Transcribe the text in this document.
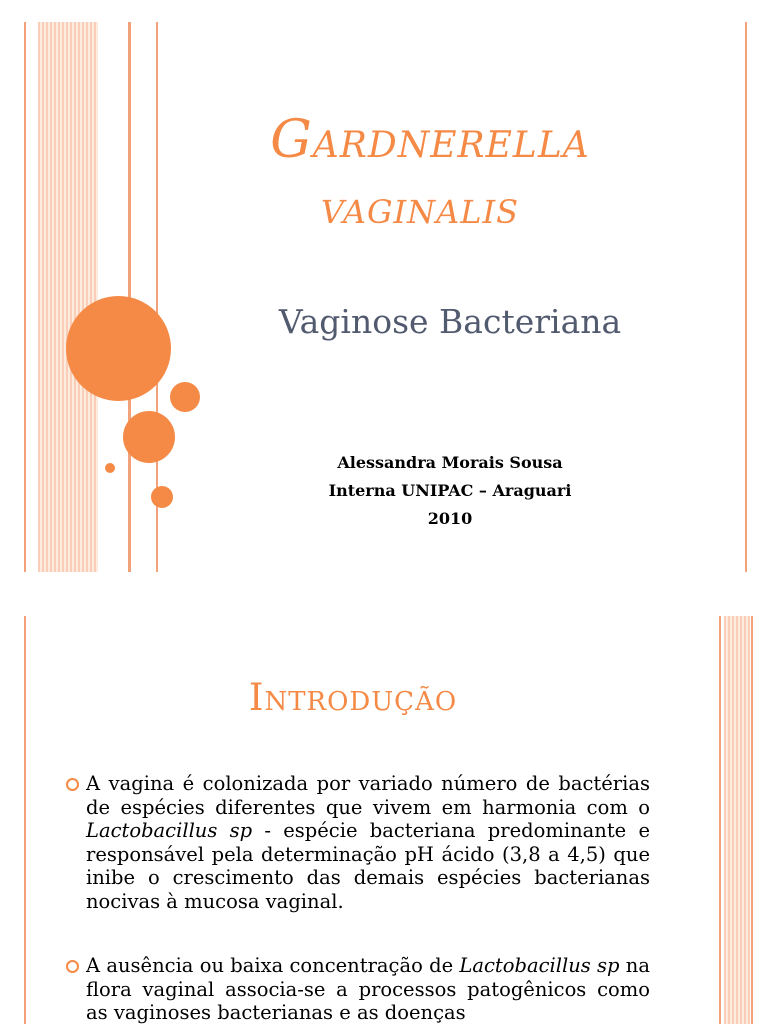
Gardnerella
vaginalis
Vaginose Bacteriana
Alessandra Morais Sousa
Interna UNIPAC – Araguari
2010
Introdução
A vagina é colonizada por variado número de bactérias de espécies diferentes que vivem em harmonia com o Lactobacillus sp - espécie bacteriana predominante e responsável pela determinação pH ácido (3,8 a 4,5) que inibe o crescimento das demais espécies bacterianas nocivas à mucosa vaginal.
A ausência ou baixa concentração de Lactobacillus sp na flora vaginal associa-se a processos patogênicos como as vaginoses bacterianas e as doenças
